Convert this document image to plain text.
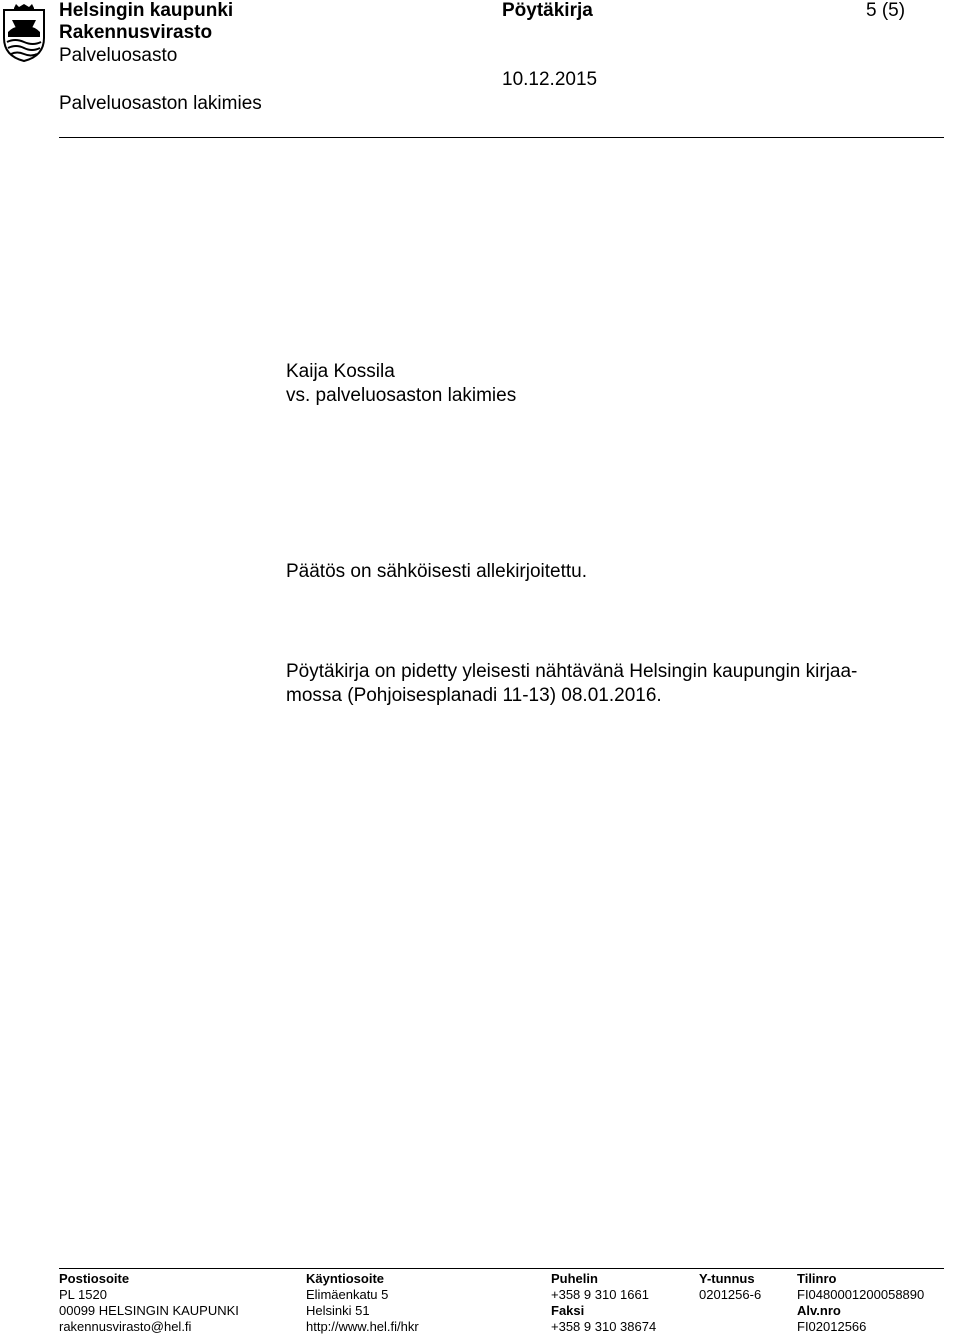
Helsingin kaupunki
Rakennusvirasto
Palveluosasto
Palveluosaston lakimies
Pöytäkirja	5 (5)
10.12.2015
Kaija Kossila
vs. palveluosaston lakimies
Päätös on sähköisesti allekirjoitettu.
Pöytäkirja on pidetty yleisesti nähtävänä Helsingin kaupungin kirjaa-
mossa (Pohjoisesplanadi 11-13) 08.01.2016.
Postiosoite
PL 1520
00099 HELSINGIN KAUPUNKI
rakennusvirasto@hel.fi
Käyntiosoite
Elimäenkatu 5
Helsinki 51
http://www.hel.fi/hkr
Puhelin
+358 9 310 1661
Faksi
+358 9 310 38674
Y-tunnus
0201256-6
Tilinro
FI0480001200058890
Alv.nro
FI02012566
